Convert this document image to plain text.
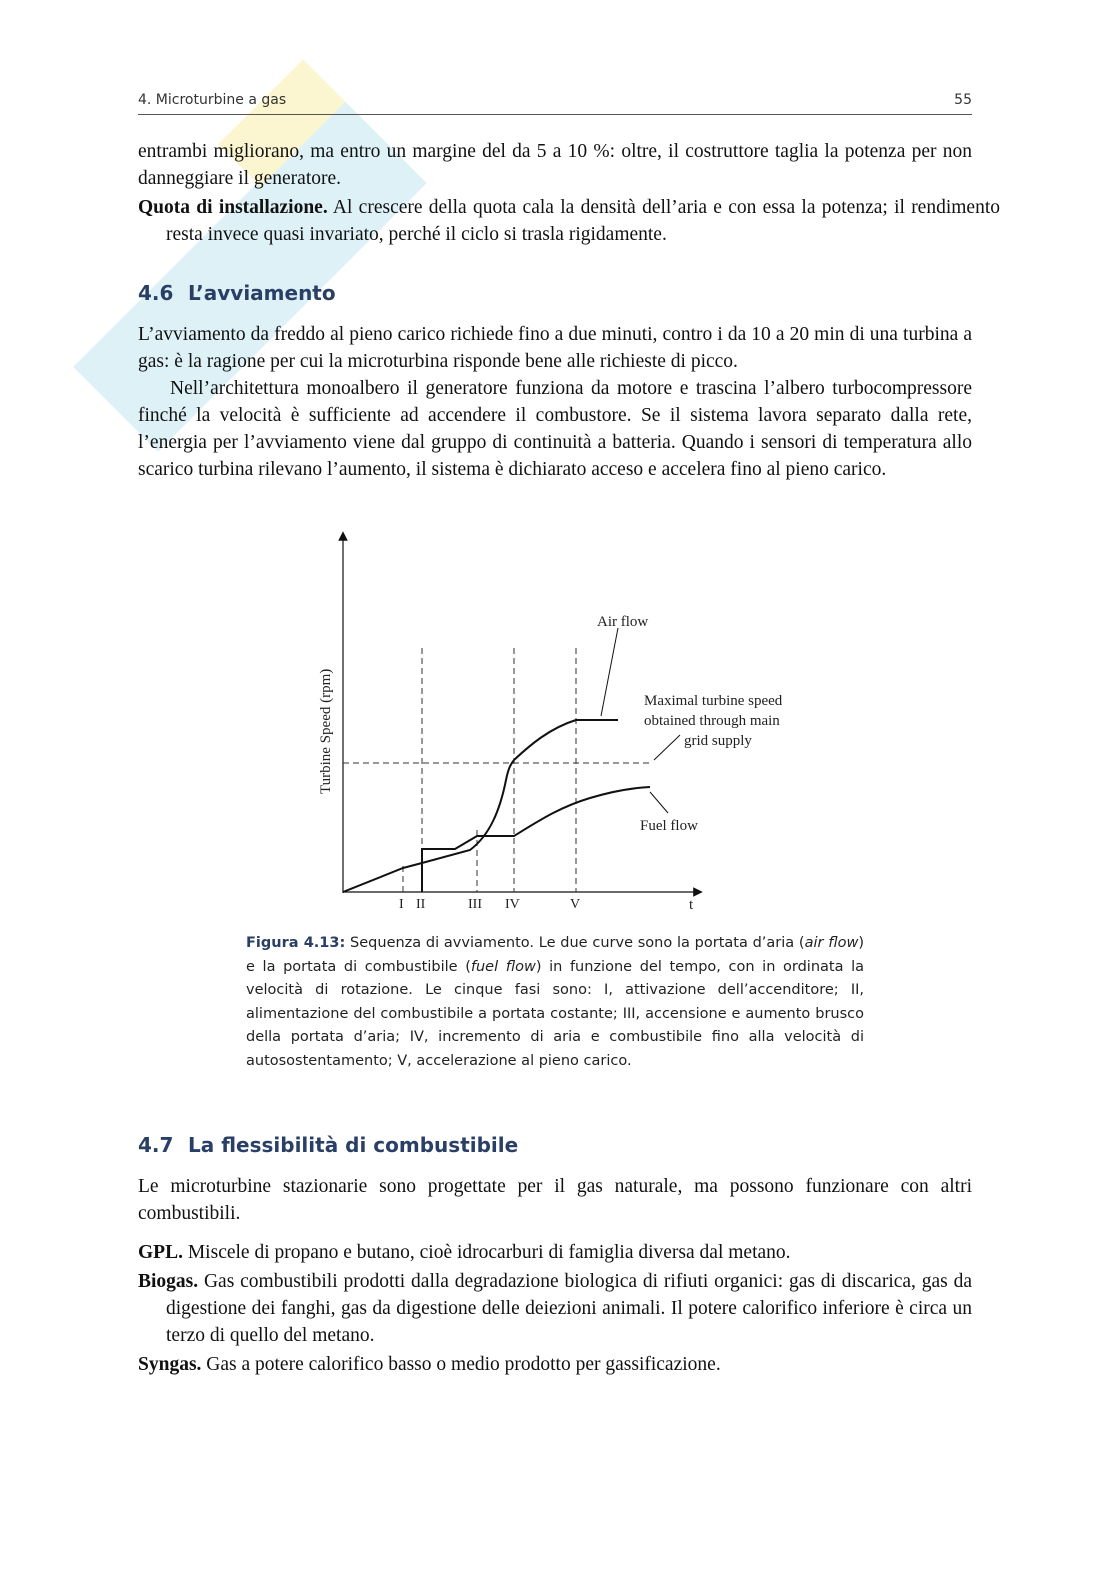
4. Microturbine a gas	55
entrambi migliorano, ma entro un margine del da 5 a 10 %: oltre, il costruttore taglia la potenza per non danneggiare il generatore.
Quota di installazione. Al crescere della quota cala la densità dell’aria e con essa la potenza; il rendimento resta invece quasi invariato, perché il ciclo si trasla rigidamente.
4.6 L’avviamento
L’avviamento da freddo al pieno carico richiede fino a due minuti, contro i da 10 a 20 min di una turbina a gas: è la ragione per cui la microturbina risponde bene alle richieste di picco.
Nell’architettura monoalbero il generatore funziona da motore e trascina l’albero turbocompressore finché la velocità è sufficiente ad accendere il combustore. Se il sistema lavora separato dalla rete, l’energia per l’avviamento viene dal gruppo di continuità a batteria. Quando i sensori di temperatura allo scarico turbina rilevano l’aumento, il sistema è dichiarato acceso e accelera fino al pieno carico.
Air flow
Maximal turbine speed
obtained through main
grid supply
Fuel flow
Turbine Speed (rpm)
t
I II	III IV	V
Figura 4.13: Sequenza di avviamento. Le due curve sono la portata d’aria (air flow) e la portata di combustibile (fuel flow) in funzione del tempo, con in ordinata la velocità di rotazione. Le cinque fasi sono: I, attivazione dell’accenditore; II, alimentazione del combustibile a portata costante; III, accensione e aumento brusco della portata d’aria; IV, incremento di aria e combustibile fino alla velocità di autosostentamento; V, accelerazione al pieno carico.
4.7 La flessibilità di combustibile
Le microturbine stazionarie sono progettate per il gas naturale, ma possono funzionare con altri combustibili.
GPL. Miscele di propano e butano, cioè idrocarburi di famiglia diversa dal metano.
Biogas. Gas combustibili prodotti dalla degradazione biologica di rifiuti organici: gas di discarica, gas da digestione dei fanghi, gas da digestione delle deiezioni animali. Il potere calorifico inferiore è circa un terzo di quello del metano.
Syngas. Gas a potere calorifico basso o medio prodotto per gassificazione.
